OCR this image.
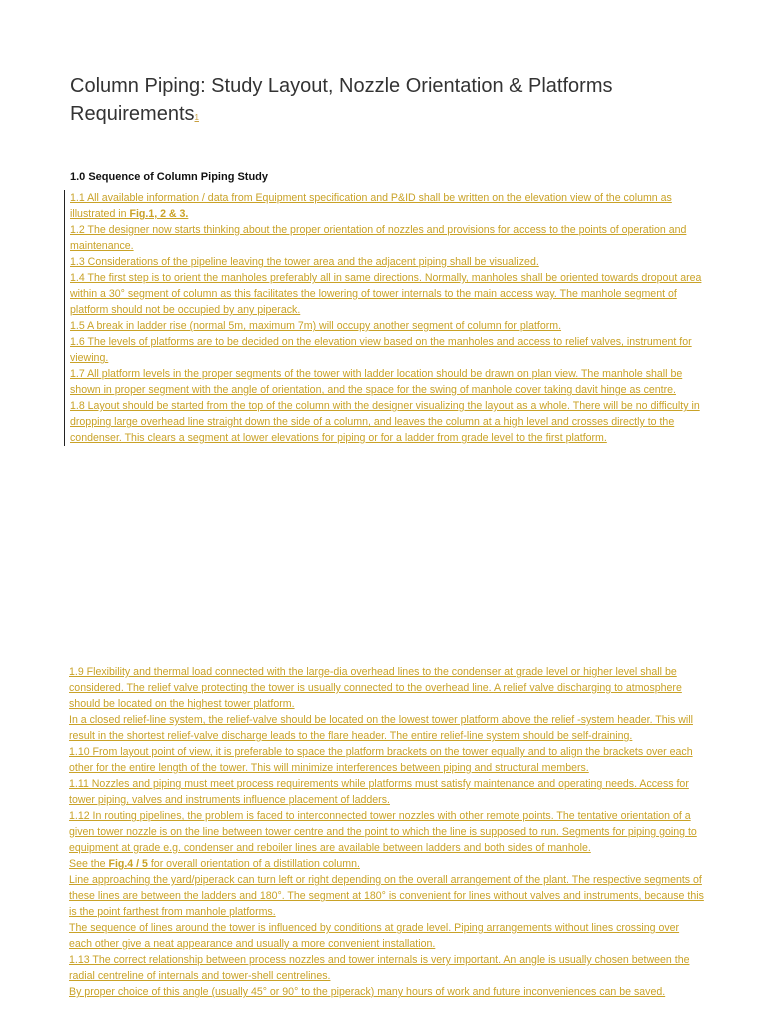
Column Piping: Study Layout, Nozzle Orientation & Platforms Requirements1
1.0 Sequence of Column Piping Study

1.1 All available information / data from Equipment specification and P&ID shall be written on the elevation view of the column as illustrated in Fig.1, 2 & 3.

1.2 The designer now starts thinking about the proper orientation of nozzles and provisions for access to the points of operation and maintenance.

1.3 Considerations of the pipeline leaving the tower area and the adjacent piping shall be visualized.

1.4 The first step is to orient the manholes preferably all in same directions. Normally, manholes shall be oriented towards dropout area within a 30° segment of column as this facilitates the lowering of tower internals to the main access way. The manhole segment of platform should not be occupied by any piperack.

1.5 A break in ladder rise (normal 5m, maximum 7m) will occupy another segment of column for platform.

1.6 The levels of platforms are to be decided on the elevation view based on the manholes and access to relief valves, instrument for viewing.

1.7 All platform levels in the proper segments of the tower with ladder location should be drawn on plan view. The manhole shall be shown in proper segment with the angle of orientation, and the space for the swing of manhole cover taking davit hinge as centre.

1.8 Layout should be started from the top of the column with the designer visualizing the layout as a whole. There will be no difficulty in dropping large overhead line straight down the side of a column, and leaves the column at a high level and crosses directly to the condenser. This clears a segment at lower elevations for piping or for a ladder from grade level to the first platform.

1.9 Flexibility and thermal load connected with the large-dia overhead lines to the condenser at grade level or higher level shall be considered. The relief valve protecting the tower is usually connected to the overhead line. A relief valve discharging to atmosphere should be located on the highest tower platform.

In a closed relief-line system, the relief-valve should be located on the lowest tower platform above the relief -system header. This will result in the shortest relief-valve discharge leads to the flare header. The entire relief-line system should be self-draining.

1.10 From layout point of view, it is preferable to space the platform brackets on the tower equally and to align the brackets over each other for the entire length of the tower. This will minimize interferences between piping and structural members.

1.11 Nozzles and piping must meet process requirements while platforms must satisfy maintenance and operating needs. Access for tower piping, valves and instruments influence placement of ladders.

1.12 In routing pipelines, the problem is faced to interconnected tower nozzles with other remote points. The tentative orientation of a given tower nozzle is on the line between tower centre and the point to which the line is supposed to run. Segments for piping going to equipment at grade e.g. condenser and reboiler lines are available between ladders and both sides of manhole.

See the Fig.4 / 5 for overall orientation of a distillation column.

Line approaching the yard/piperack can turn left or right depending on the overall arrangement of the plant. The respective segments of these lines are between the ladders and 180°. The segment at 180° is convenient for lines without valves and instruments, because this is the point farthest from manhole platforms.

The sequence of lines around the tower is influenced by conditions at grade level. Piping arrangements without lines crossing over each other give a neat appearance and usually a more convenient installation.

1.13 The correct relationship between process nozzles and tower internals is very important. An angle is usually chosen between the radial centreline of internals and tower-shell centrelines.

By proper choice of this angle (usually 45° or 90° to the piperack) many hours of work and future inconveniences can be saved.
